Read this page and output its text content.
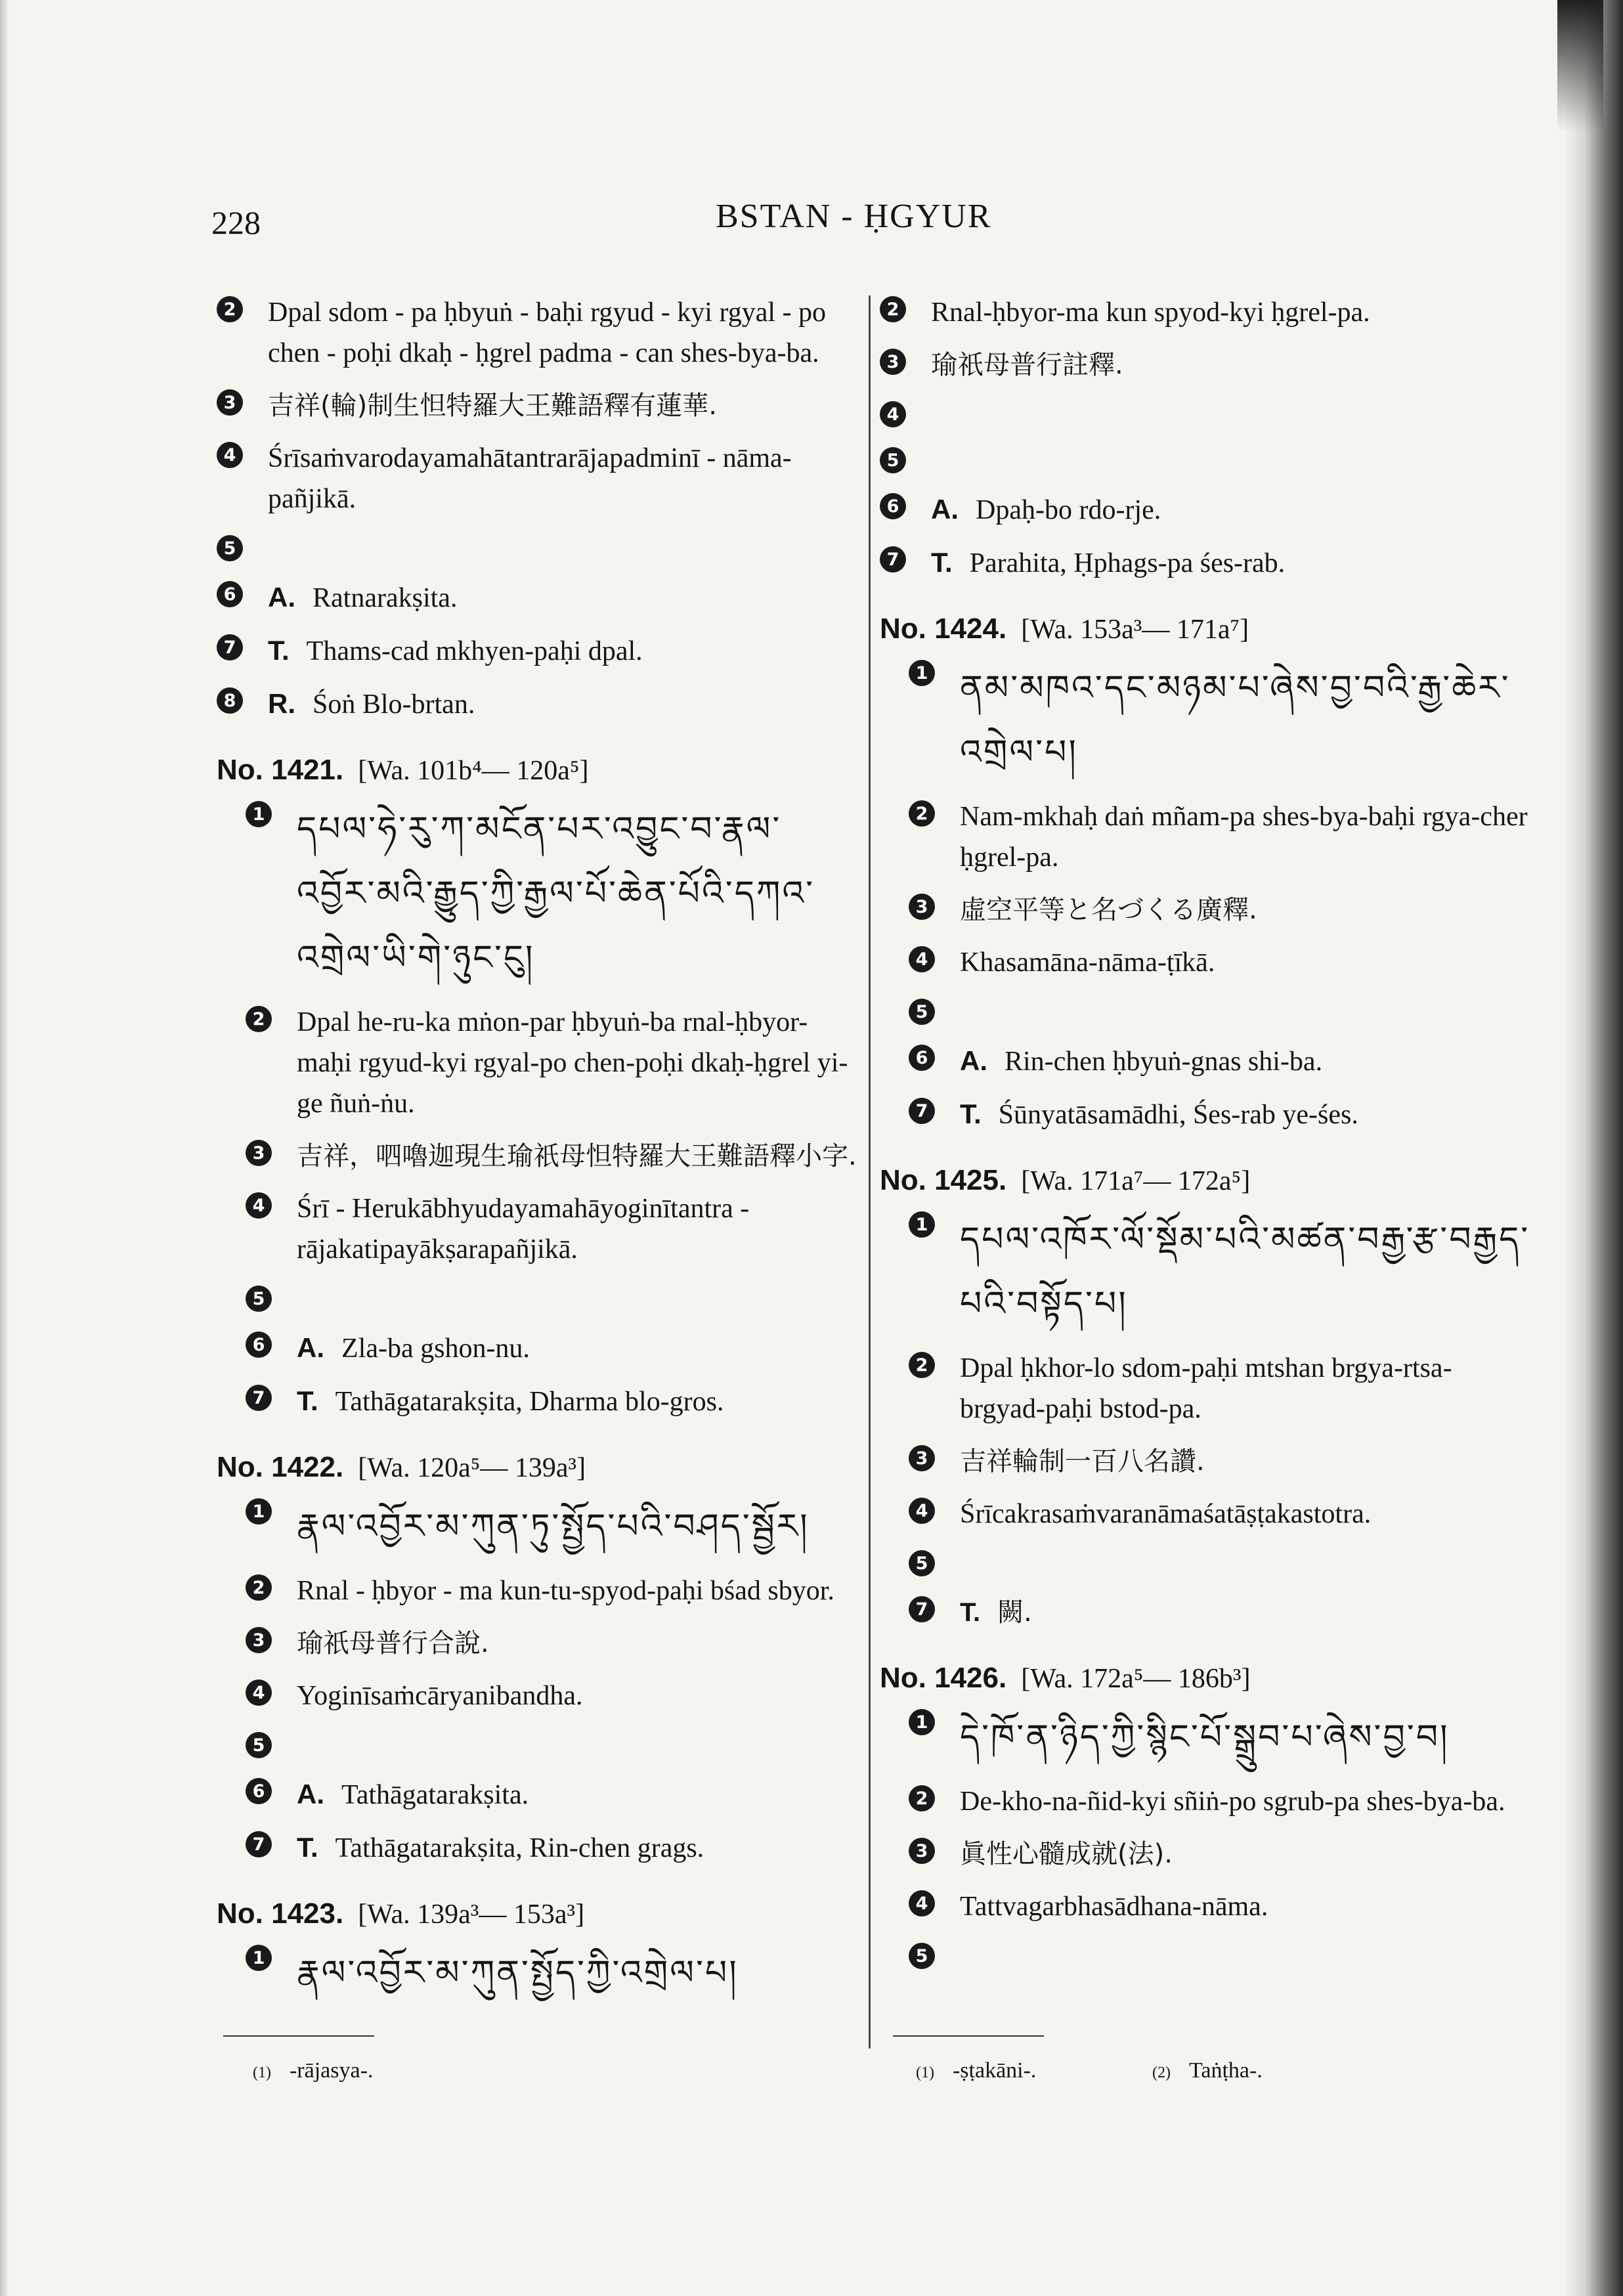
228	BSTAN - ḤGYUR
2 Dpal sdom - pa ḥbyuṅ - baḥi rgyud - kyi rgyal - po chen - poḥi dkaḥ - ḥgrel padma - can shes-bya-ba.
3 吉祥(輪)制生怛特羅大王難語釋有蓮華.
4 Śrīsaṁvarodayamahātantrarājapadminī - nāma-pañjikā.
5
6 A. Ratnarakṣita.
7 T. Thams-cad mkhyen-paḥi dpal.
8 R. Śoṅ Blo-brtan.
No. 1421. [Wa. 101b⁴— 120a⁵]
1 དཔལ་ཧེ་རུ་ཀ་མངོན་པར་འབྱུང་བ་རྣལ་འབྱོར་མའི་རྒྱུད་ཀྱི་རྒྱལ་པོ་ཆེན་པོའི་དཀའ་འགྲེལ་ཡི་གེ་ཉུང་ངུ།
2 Dpal he-ru-ka mṅon-par ḥbyuṅ-ba rnal-ḥbyor-maḥi rgyud-kyi rgyal-po chen-poḥi dkaḥ-ḥgrel yi-ge ñuṅ-ṅu.
3 吉祥，呬嚕迦現生瑜祇母怛特羅大王難語釋小字.
4 Śrī - Herukābhyudayamahāyoginītantra - rājakatipayākṣarapañjikā.
5
6 A. Zla-ba gshon-nu.
7 T. Tathāgatarakṣita, Dharma blo-gros.
No. 1422. [Wa. 120a⁵— 139a³]
1 རྣལ་འབྱོར་མ་ཀུན་ཏུ་སྤྱོད་པའི་བཤད་སྦྱོར།
2 Rnal - ḥbyor - ma kun-tu-spyod-paḥi bśad sbyor.
3 瑜祇母普行合說.
4 Yoginīsaṁcāryanibandha.
5
6 A. Tathāgatarakṣita.
7 T. Tathāgatarakṣita, Rin-chen grags.
No. 1423. [Wa. 139a³— 153a³]
1 རྣལ་འབྱོར་མ་ཀུན་སྤྱོད་ཀྱི་འགྲེལ་པ།
2 Rnal-ḥbyor-ma kun spyod-kyi ḥgrel-pa.
3 瑜祇母普行註釋.
4
5
6 A. Dpaḥ-bo rdo-rje.
7 T. Parahita, Ḥphags-pa śes-rab.
No. 1424. [Wa. 153a³— 171a⁷]
1 ནམ་མཁའ་དང་མཉམ་པ་ཞེས་བྱ་བའི་རྒྱ་ཆེར་འགྲེལ་པ།
2 Nam-mkhaḥ daṅ mñam-pa shes-bya-baḥi rgya-cher ḥgrel-pa.
3 虛空平等と名づくる廣釋.
4 Khasamāna-nāma-ṭīkā.
5
6 A. Rin-chen ḥbyuṅ-gnas shi-ba.
7 T. Śūnyatāsamādhi, Śes-rab ye-śes.
No. 1425. [Wa. 171a⁷— 172a⁵]
1 དཔལ་འཁོར་ལོ་སྡོམ་པའི་མཚན་བརྒྱ་རྩ་བརྒྱད་པའི་བསྟོད་པ།
2 Dpal ḥkhor-lo sdom-paḥi mtshan brgya-rtsa-brgyad-paḥi bstod-pa.
3 吉祥輪制一百八名讚.
4 Śrīcakrasaṁvaranāmaśatāṣṭakastotra.
5
7 T. 闕.
No. 1426. [Wa. 172a⁵— 186b³]
1 དེ་ཁོ་ན་ཉིད་ཀྱི་སྙིང་པོ་སྒྲུབ་པ་ཞེས་བྱ་བ།
2 De-kho-na-ñid-kyi sñiṅ-po sgrub-pa shes-bya-ba.
3 眞性心髓成就(法).
4 Tattvagarbhasādhana-nāma.
5
(1) -rājasya-.	(1) -ṣṭakāni-.	(2) Taṅṭha-.
